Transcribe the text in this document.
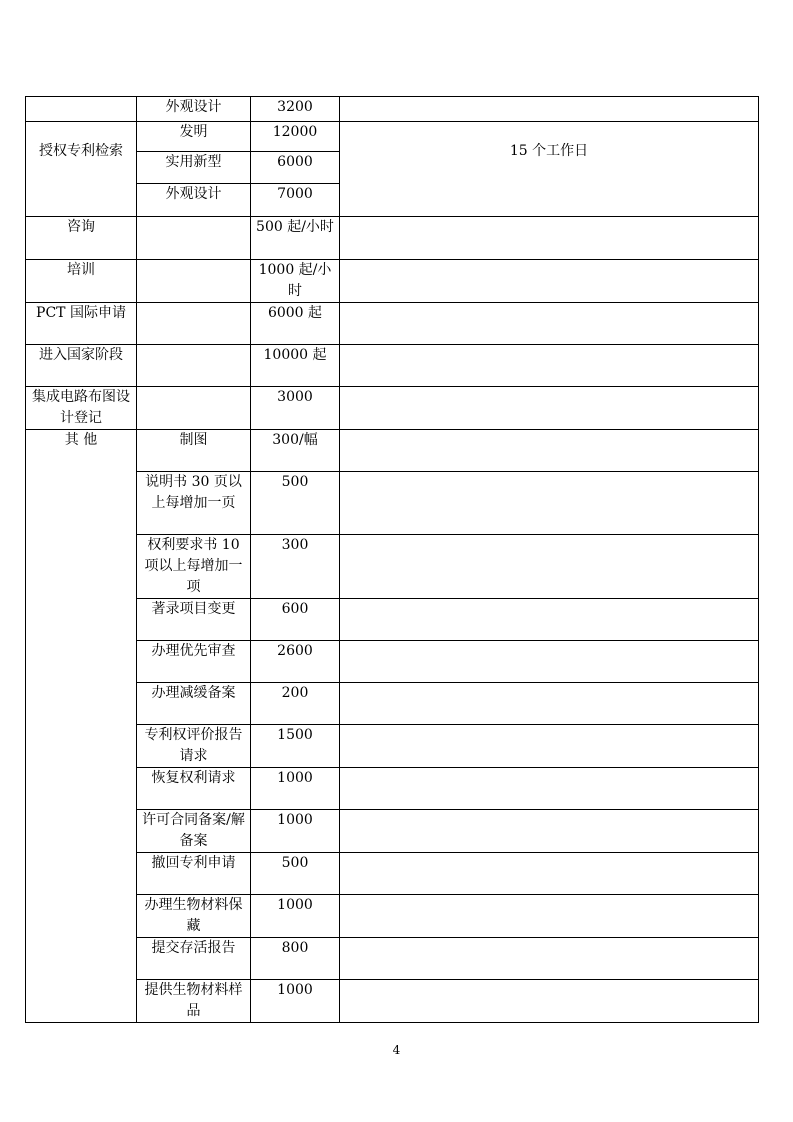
	外观设计	3200	
授权专利检索	发明	12000	15 个工作日
	实用新型	6000	
	外观设计	7000	
咨询		500 起/小时	
培训		1000 起/小时	
PCT 国际申请		6000 起	
进入国家阶段		10000 起	
集成电路布图设计登记		3000	
其 他	制图	300/幅	
	说明书 30 页以上每增加一页	500	
	权利要求书 10 项以上每增加一项	300	
	著录项目变更	600	
	办理优先审查	2600	
	办理减缓备案	200	
	专利权评价报告请求	1500	
	恢复权利请求	1000	
	许可合同备案/解备案	1000	
	撤回专利申请	500	
	办理生物材料保藏	1000	
	提交存活报告	800	
	提供生物材料样品	1000	
4
